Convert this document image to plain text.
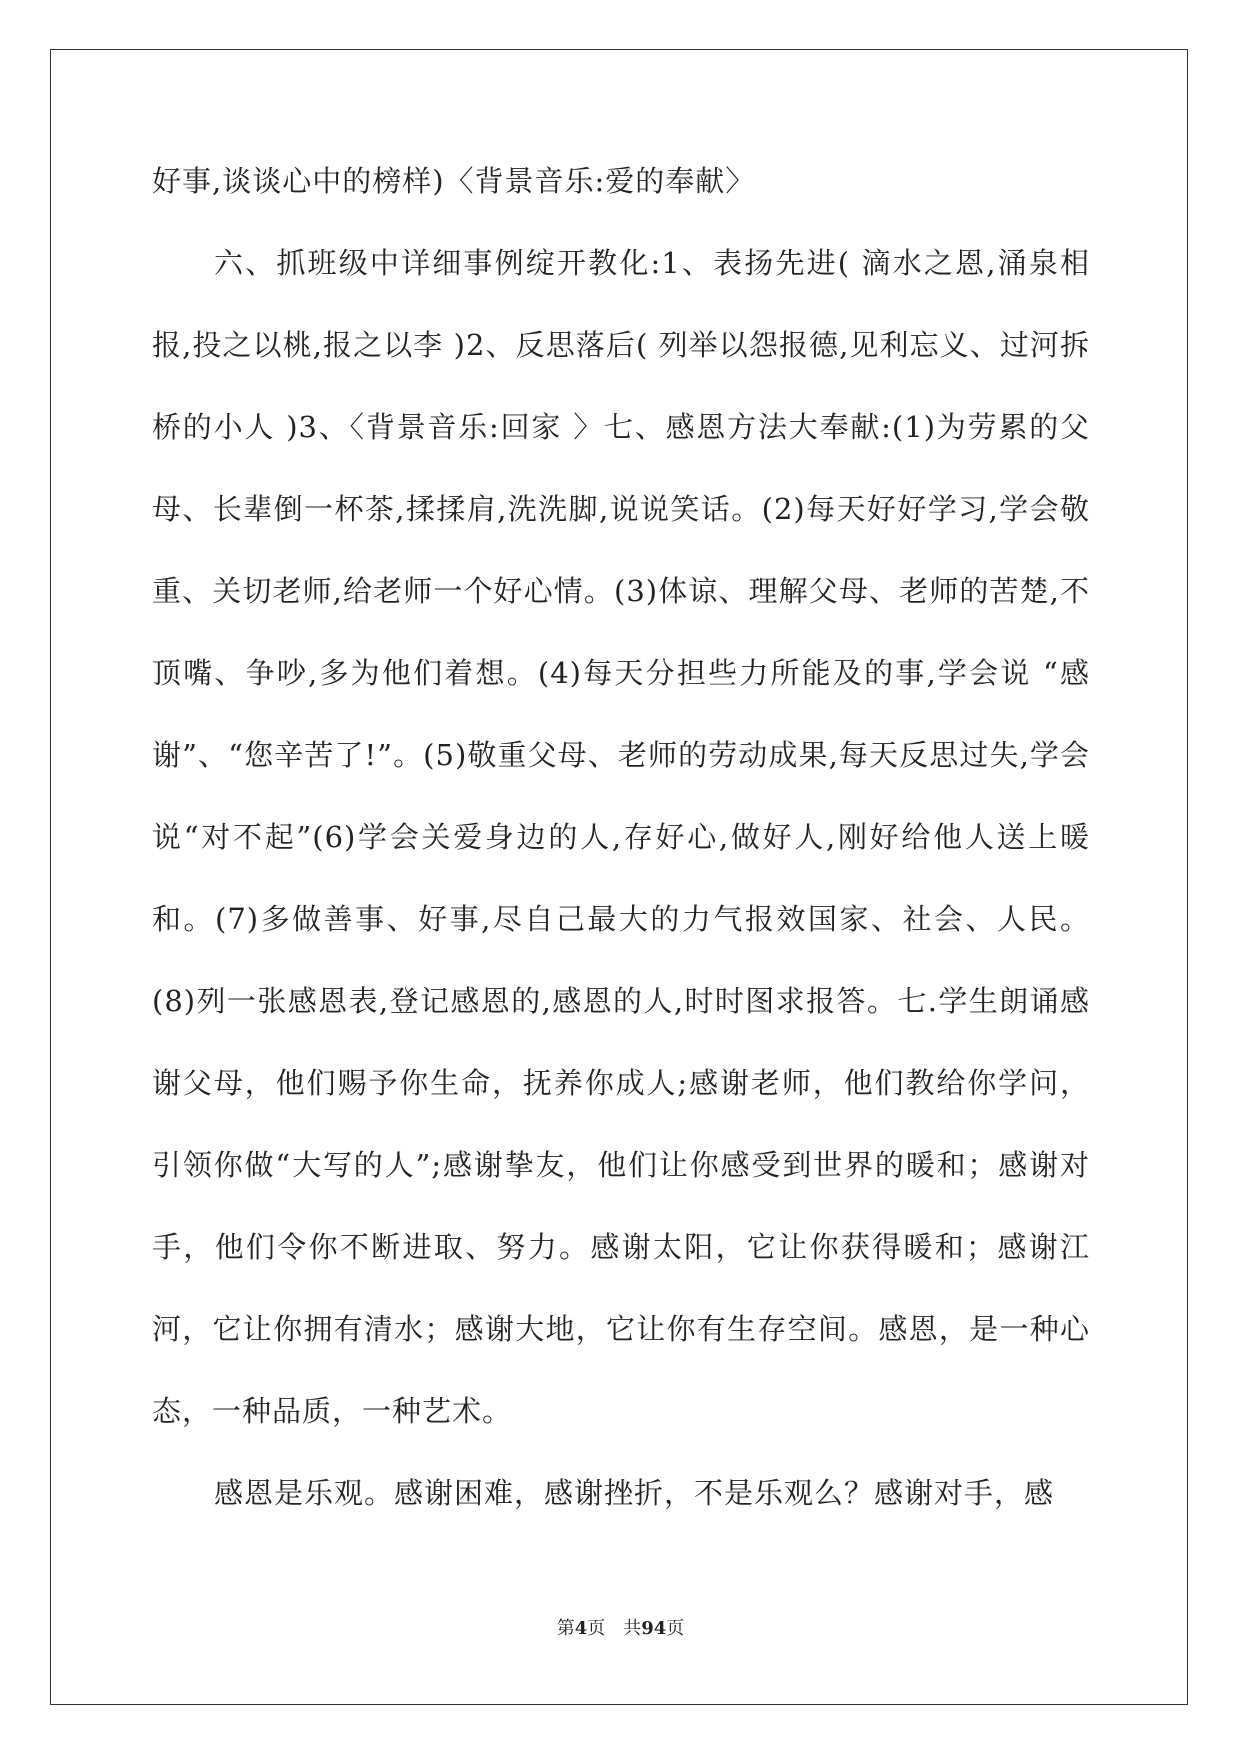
好事,谈谈心中的榜样)〈背景音乐:爱的奉献〉

六、抓班级中详细事例绽开教化:1、表扬先进( 滴水之恩,涌泉相报,投之以桃,报之以李 )2、反思落后( 列举以怨报德,见利忘义、过河拆桥的小人 )3、〈背景音乐:回家 〉七、感恩方法大奉献:(1)为劳累的父母、长辈倒一杯茶,揉揉肩,洗洗脚,说说笑话。(2)每天好好学习,学会敬重、关切老师,给老师一个好心情。(3)体谅、理解父母、老师的苦楚,不顶嘴、争吵,多为他们着想。(4)每天分担些力所能及的事,学会说 “感谢”、“您辛苦了!”。(5)敬重父母、老师的劳动成果,每天反思过失,学会说“对不起”(6)学会关爱身边的人,存好心,做好人,刚好给他人送上暖和。(7)多做善事、好事,尽自己最大的力气报效国家、社会、人民。(8)列一张感恩表,登记感恩的,感恩的人,时时图求报答。七.学生朗诵感谢父母，他们赐予你生命，抚养你成人;感谢老师，他们教给你学问，引领你做“大写的人”;感谢挚友，他们让你感受到世界的暖和；感谢对手，他们令你不断进取、努力。感谢太阳，它让你获得暖和；感谢江河，它让你拥有清水；感谢大地，它让你有生存空间。感恩，是一种心态，一种品质，一种艺术。

感恩是乐观。感谢困难，感谢挫折，不是乐观么？感谢对手，感

第4页 共94页
